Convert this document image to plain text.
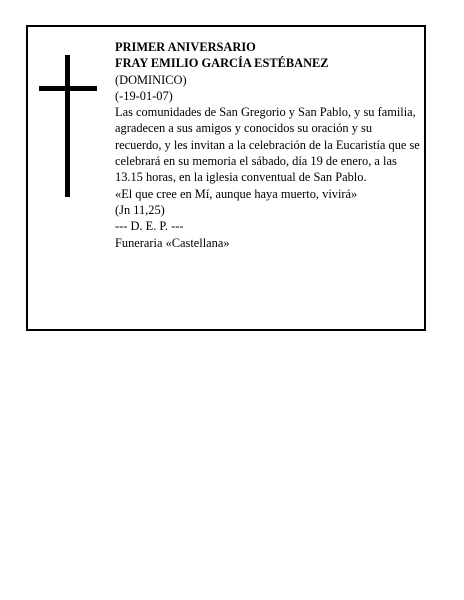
PRIMER ANIVERSARIO
FRAY EMILIO GARCÍA ESTÉBANEZ
(DOMINICO)
(-19-01-07)
Las comunidades de San Gregorio y San Pablo, y su familia, agradecen a sus amigos y conocidos su oración y su recuerdo, y les invitan a la celebración de la Eucaristía que se celebrará en su memoria el sábado, día 19 de enero, a las 13.15 horas, en la iglesia conventual de San Pablo.
«El que cree en Mí, aunque haya muerto, vivirá»
(Jn 11,25)
--- D. E. P. ---
Funeraria «Castellana»
